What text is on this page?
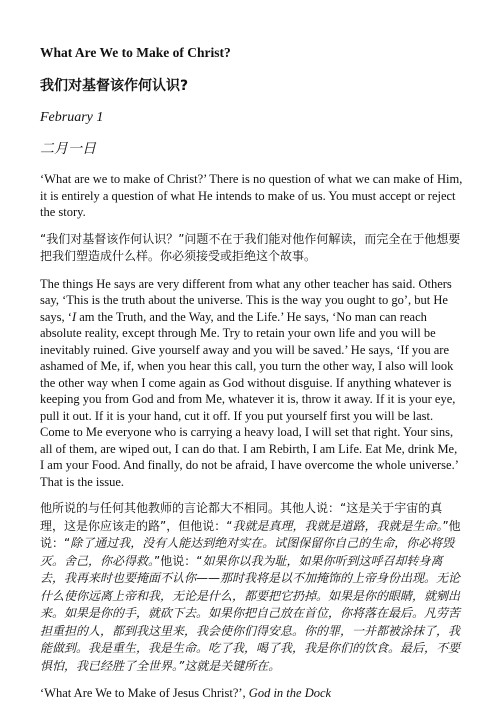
What Are We to Make of Christ?
我们对基督该作何认识?
February 1
二月一日

‘What are we to make of Christ?’ There is no question of what we can make of Him, it is entirely a question of what He intends to make of us. You must accept or reject the story.

“我们对基督该作何认识？”问题不在于我们能对他作何解读，而完全在于他想要把我们塑造成什么样。你必须接受或拒绝这个故事。

The things He says are very different from what any other teacher has said. Others say, ‘This is the truth about the universe. This is the way you ought to go’, but He says, ‘I am the Truth, and the Way, and the Life.’ He says, ‘No man can reach absolute reality, except through Me. Try to retain your own life and you will be inevitably ruined. Give yourself away and you will be saved.’ He says, ‘If you are ashamed of Me, if, when you hear this call, you turn the other way, I also will look the other way when I come again as God without disguise. If anything whatever is keeping you from God and from Me, whatever it is, throw it away. If it is your eye, pull it out. If it is your hand, cut it off. If you put yourself first you will be last. Come to Me everyone who is carrying a heavy load, I will set that right. Your sins, all of them, are wiped out, I can do that. I am Rebirth, I am Life. Eat Me, drink Me, I am your Food. And finally, do not be afraid, I have overcome the whole universe.’ That is the issue.

他所说的与任何其他教师的言论都大不相同。其他人说：“这是关于宇宙的真理，这是你应该走的路”，但他说：“我就是真理，我就是道路，我就是生命。”他说：“除了通过我，没有人能达到绝对实在。试图保留你自己的生命，你必将毁灭。舍己，你必得救。”他说：“如果你以我为耻，如果你听到这呼召却转身离去，我再来时也要掩面不认你——那时我将是以不加掩饰的上帝身份出现。无论什么使你远离上帝和我，无论是什么，都要把它扔掉。如果是你的眼睛，就剜出来。如果是你的手，就砍下去。如果你把自己放在首位，你将落在最后。凡劳苦担重担的人，都到我这里来，我会使你们得安息。你的罪，一并都被涂抹了，我能做到。我是重生，我是生命。吃了我，喝了我，我是你们的饮食。最后，不要惧怕，我已经胜了全世界。”这就是关键所在。

‘What Are We to Make of Jesus Christ?’, God in the Dock
